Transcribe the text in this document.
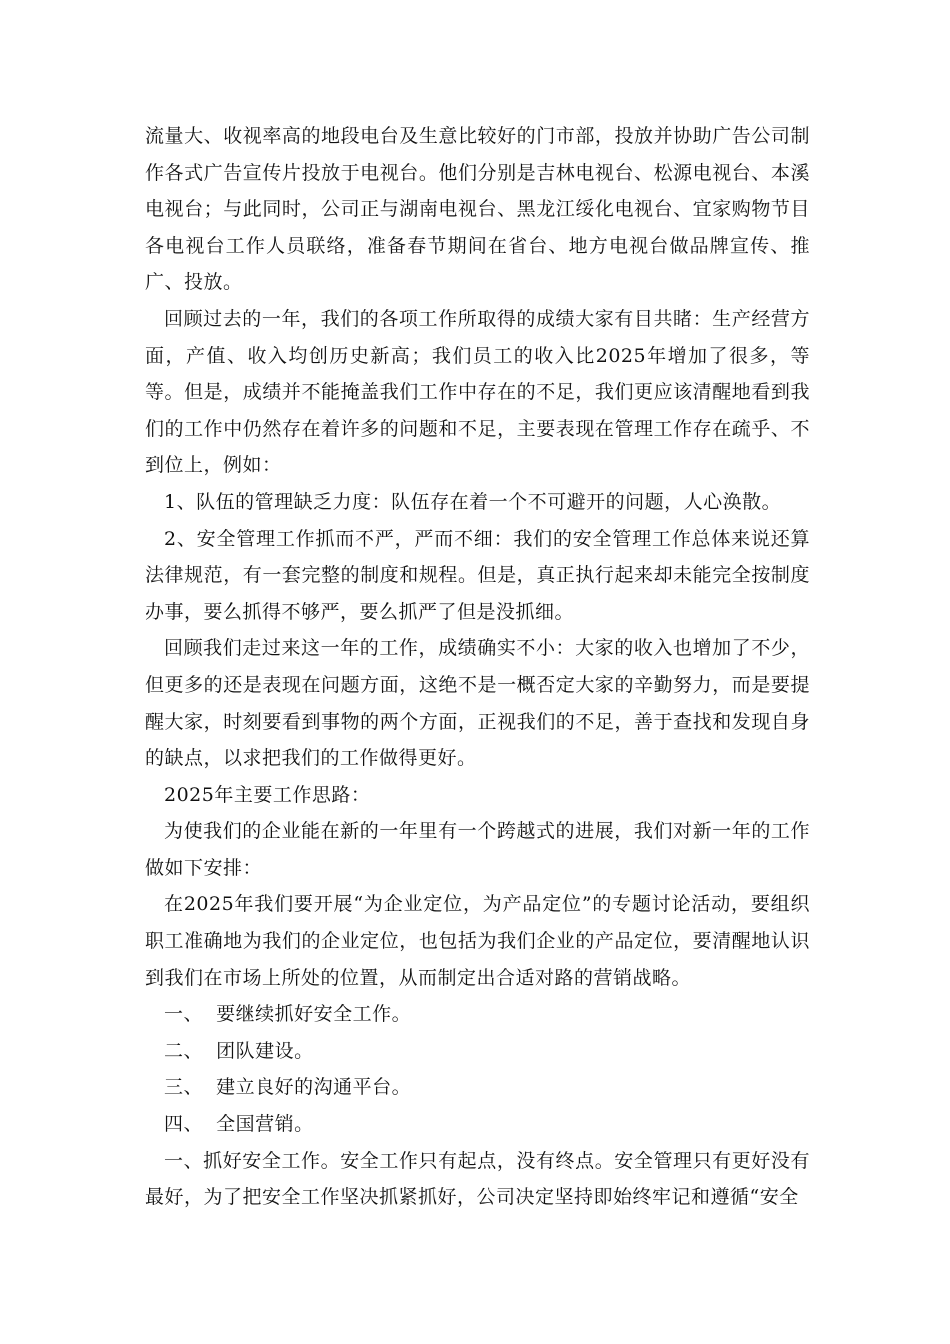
流量大、收视率高的地段电台及生意比较好的门市部，投放并协助广告公司制作各式广告宣传片投放于电视台。他们分别是吉林电视台、松源电视台、本溪电视台；与此同时，公司正与湖南电视台、黑龙江绥化电视台、宜家购物节目各电视台工作人员联络，准备春节期间在省台、地方电视台做品牌宣传、推广、投放。

回顾过去的一年，我们的各项工作所取得的成绩大家有目共睹：生产经营方面，产值、收入均创历史新高；我们员工的收入比2025年增加了很多，等等。但是，成绩并不能掩盖我们工作中存在的不足，我们更应该清醒地看到我们的工作中仍然存在着许多的问题和不足，主要表现在管理工作存在疏乎、不到位上，例如：

1、队伍的管理缺乏力度：队伍存在着一个不可避开的问题，人心涣散。

2、安全管理工作抓而不严，严而不细：我们的安全管理工作总体来说还算法律规范，有一套完整的制度和规程。但是，真正执行起来却未能完全按制度办事，要么抓得不够严，要么抓严了但是没抓细。

回顾我们走过来这一年的工作，成绩确实不小：大家的收入也增加了不少，但更多的还是表现在问题方面，这绝不是一概否定大家的辛勤努力，而是要提醒大家，时刻要看到事物的两个方面，正视我们的不足，善于查找和发现自身的缺点，以求把我们的工作做得更好。

2025年主要工作思路：

为使我们的企业能在新的一年里有一个跨越式的进展，我们对新一年的工作做如下安排：

在2025年我们要开展“为企业定位，为产品定位”的专题讨论活动，要组织职工准确地为我们的企业定位，也包括为我们企业的产品定位，要清醒地认识到我们在市场上所处的位置，从而制定出合适对路的营销战略。

一、  要继续抓好安全工作。

二、  团队建设。

三、  建立良好的沟通平台。

四、  全国营销。

一、抓好安全工作。安全工作只有起点，没有终点。安全管理只有更好没有最好，为了把安全工作坚决抓紧抓好，公司决定坚持即始终牢记和遵循“安全
